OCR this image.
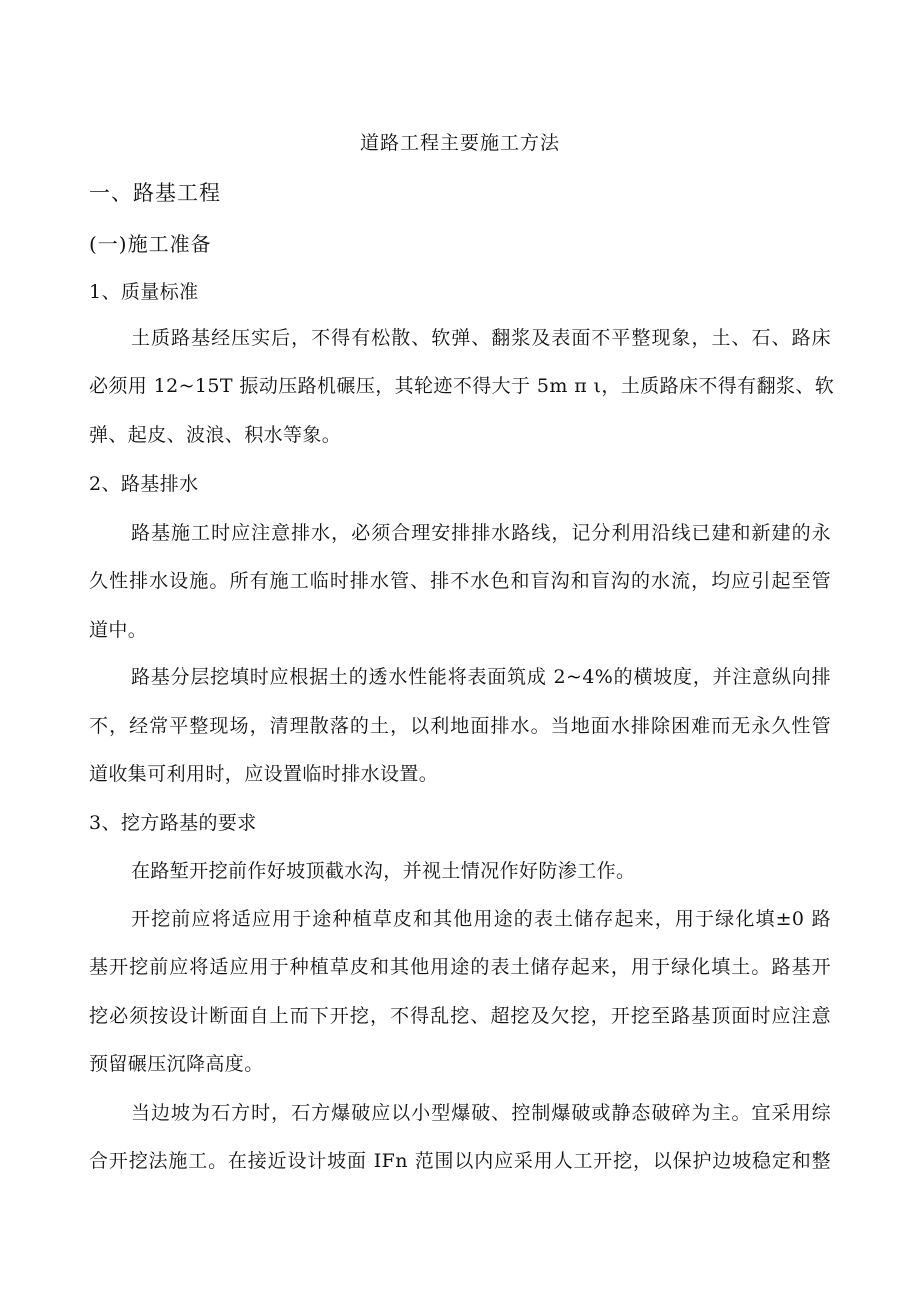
道路工程主要施工方法
一、路基工程
(一)施工准备
1、质量标准
土质路基经压实后，不得有松散、软弹、翻浆及表面不平整现象，土、石、路床
必须用 12~15T 振动压路机碾压，其轮迹不得大于 5m π ι，土质路床不得有翻浆、软
弹、起皮、波浪、积水等象。
2、路基排水
路基施工时应注意排水，必须合理安排排水路线，记分利用沿线已建和新建的永
久性排水设施。所有施工临时排水管、排不水色和盲沟和盲沟的水流，均应引起至管
道中。
路基分层挖填时应根据土的透水性能将表面筑成 2~4%的横坡度，并注意纵向排
不，经常平整现场，清理散落的土，以利地面排水。当地面水排除困难而无永久性管
道收集可利用时，应设置临时排水设置。
3、挖方路基的要求
在路堑开挖前作好坡顶截水沟，并视土情况作好防渗工作。
开挖前应将适应用于途种植草皮和其他用途的表土储存起来，用于绿化填±0 路
基开挖前应将适应用于种植草皮和其他用途的表土储存起来，用于绿化填土。路基开
挖必须按设计断面自上而下开挖，不得乱挖、超挖及欠挖，开挖至路基顶面时应注意
预留碾压沉降高度。
当边坡为石方时，石方爆破应以小型爆破、控制爆破或静态破碎为主。宜采用综
合开挖法施工。在接近设计坡面 IFn 范围以内应采用人工开挖，以保护边坡稳定和整
